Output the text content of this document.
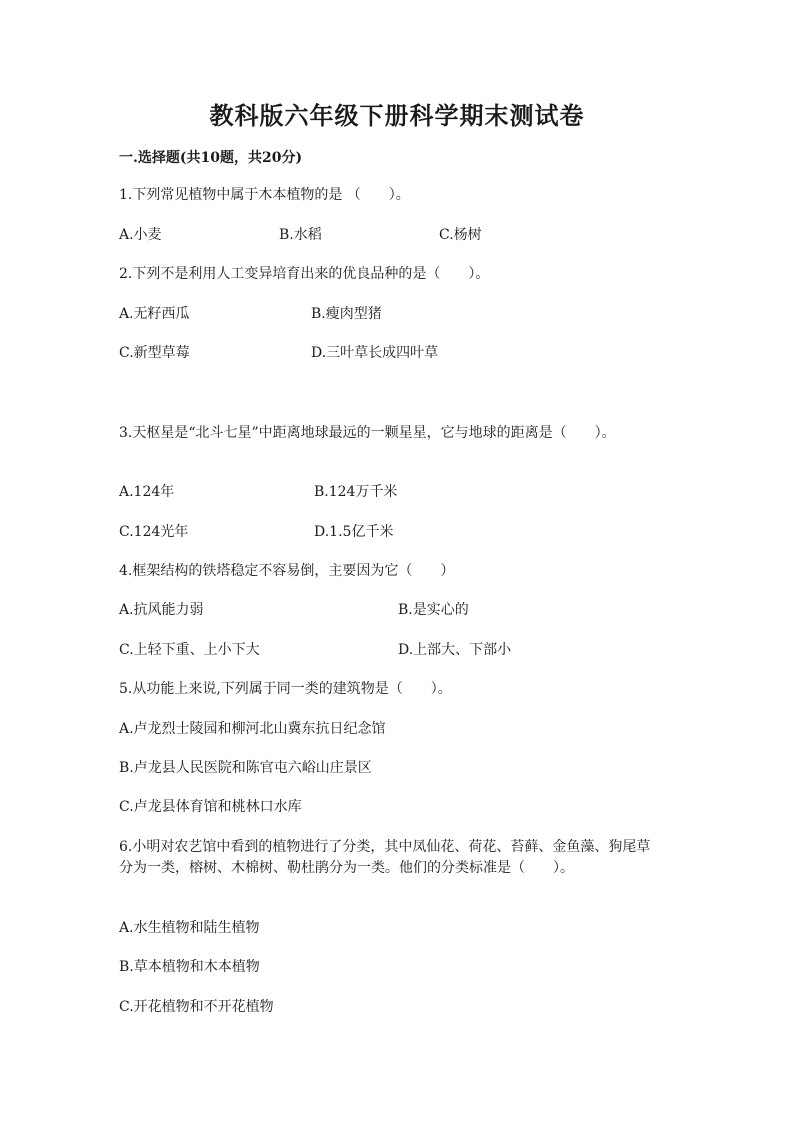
教科版六年级下册科学期末测试卷
一.选择题(共10题，共20分)
1.下列常见植物中属于木本植物的是 （　　）。
A.小麦	B.水稻	C.杨树
2.下列不是利用人工变异培育出来的优良品种的是（　　）。
A.无籽西瓜	B.瘦肉型猪
C.新型草莓	D.三叶草长成四叶草
3.天枢星是“北斗七星”中距离地球最远的一颗星星，它与地球的距离是（　　）。
A.124年	B.124万千米
C.124光年	D.1.5亿千米
4.框架结构的铁塔稳定不容易倒，主要因为它（　　）
A.抗风能力弱	B.是实心的
C.上轻下重、上小下大	D.上部大、下部小
5.从功能上来说,下列属于同一类的建筑物是（　　）。
A.卢龙烈士陵园和柳河北山冀东抗日纪念馆
B.卢龙县人民医院和陈官屯六峪山庄景区
C.卢龙县体育馆和桃林口水库
6.小明对农艺馆中看到的植物进行了分类，其中凤仙花、荷花、苔藓、金鱼藻、狗尾草分为一类，榕树、木棉树、勒杜鹃分为一类。他们的分类标准是（　　）。
A.水生植物和陆生植物
B.草本植物和木本植物
C.开花植物和不开花植物
